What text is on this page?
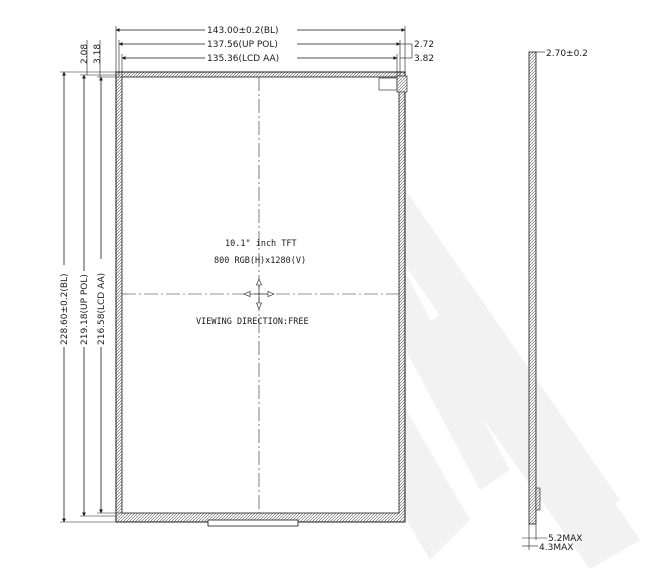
10.1" inch TFT
800 RGB(H)x1280(V)
VIEWING DIRECTION:FREE
143.00±0.2(BL)
137.56(UP POL)
135.36(LCD AA)
2.72
3.82
228.60±0.2(BL) 219.18(UP POL) 216.58(LCD AA)
2.08 3.18	2.70±0.2
5.2MAX
4.3MAX
